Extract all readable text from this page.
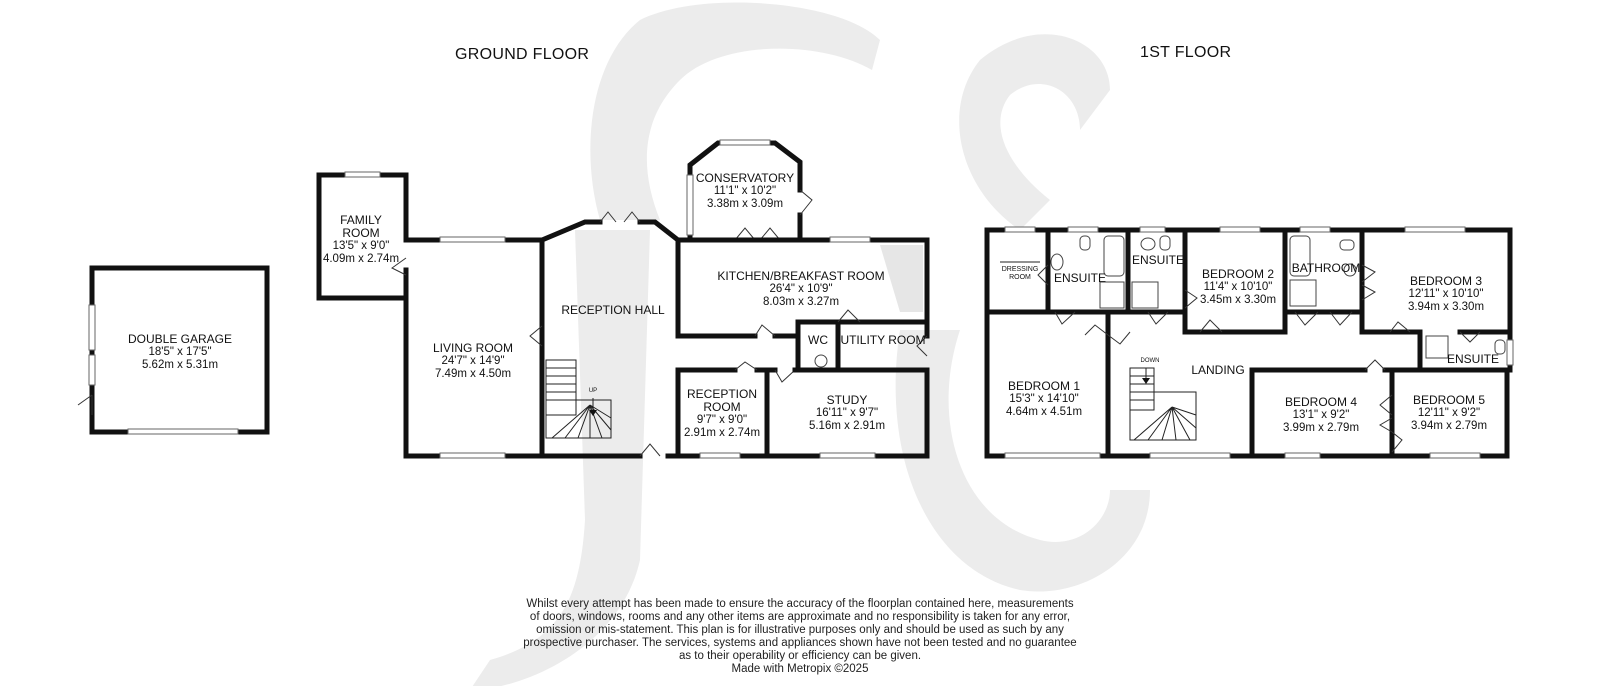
GROUND FLOOR	1ST FLOOR
DOUBLE GARAGE
18'5" x 17'5"
5.62m x 5.31m
FAMILY
ROOM
13'5" x 9'0"
4.09m x 2.74m
LIVING ROOM
24'7" x 14'9"
7.49m x 4.50m
RECEPTION HALL
UP
CONSERVATORY
11'1" x 10'2"
3.38m x 3.09m
KITCHEN/BREAKFAST ROOM
26'4" x 10'9"
8.03m x 3.27m
WC UTILITY ROOM
RECEPTION
ROOM
9'7" x 9'0"
2.91m x 2.74m
STUDY
16'11" x 9'7"
5.16m x 2.91m
DRESSING
ROOM	ENSUITE
ENSUITE
BEDROOM 2
11'4" x 10'10"
3.45m x 3.30m
BATHROOM
BEDROOM 3
12'11" x 10'10"
3.94m x 3.30m
ENSUITE
BEDROOM 1
15'3" x 14'10"
4.64m x 4.51m
LANDING
DOWN
BEDROOM 4
13'1" x 9'2"
3.99m x 2.79m
BEDROOM 5
12'11" x 9'2"
3.94m x 2.79m
Whilst every attempt has been made to ensure the accuracy of the floorplan contained here, measurements
of doors, windows, rooms and any other items are approximate and no responsibility is taken for any error,
omission or mis-statement. This plan is for illustrative purposes only and should be used as such by any
prospective purchaser. The services, systems and appliances shown have not been tested and no guarantee
as to their operability or efficiency can be given.
Made with Metropix ©2025
